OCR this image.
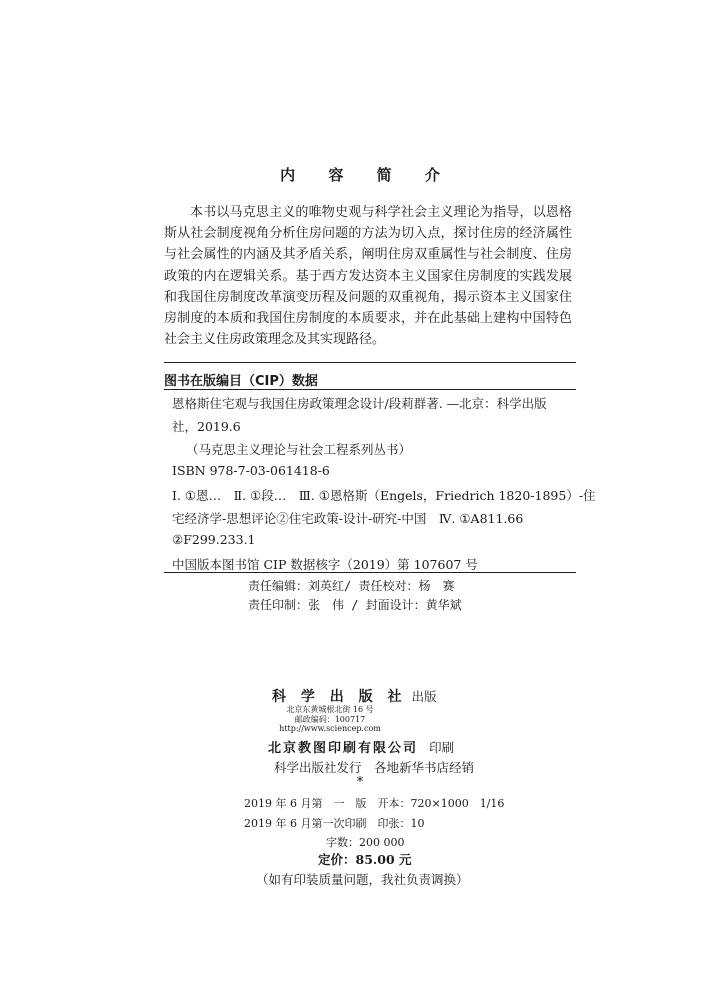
内 容 简 介
本书以马克思主义的唯物史观与科学社会主义理论为指导，以恩格斯从社会制度视角分析住房问题的方法为切入点，探讨住房的经济属性与社会属性的内涵及其矛盾关系，阐明住房双重属性与社会制度、住房政策的内在逻辑关系。基于西方发达资本主义国家住房制度的实践发展和我国住房制度改革演变历程及问题的双重视角，揭示资本主义国家住房制度的本质和我国住房制度的本质要求，并在此基础上建构中国特色社会主义住房政策理念及其实现路径。
图书在版编目（CIP）数据
恩格斯住宅观与我国住房政策理念设计/段莉群著. —北京：科学出版
社，2019.6
（马克思主义理论与社会工程系列丛书）
ISBN 978-7-03-061418-6
Ⅰ. ①恩…　Ⅱ. ①段…　Ⅲ. ①恩格斯（Engels，Friedrich 1820-1895）-住
宅经济学-思想评论②住宅政策-设计-研究-中国　Ⅳ. ①A811.66
②F299.233.1
中国版本图书馆 CIP 数据核字（2019）第 107607 号
责任编辑：刘英红/ 责任校对：杨　赛
责任印制：张　伟 / 封面设计：黄华斌
科 学 出 版 社 出版
北京东黄城根北街 16 号
邮政编码：100717
http://www.sciencep.com
北京教图印刷有限公司 印刷
科学出版社发行　各地新华书店经销
*
2019 年 6 月第　一　版　开本：720×1000　1/16
2019 年 6 月第一次印刷　印张：10
字数：200 000
定价：85.00 元
（如有印装质量问题，我社负责调换）
